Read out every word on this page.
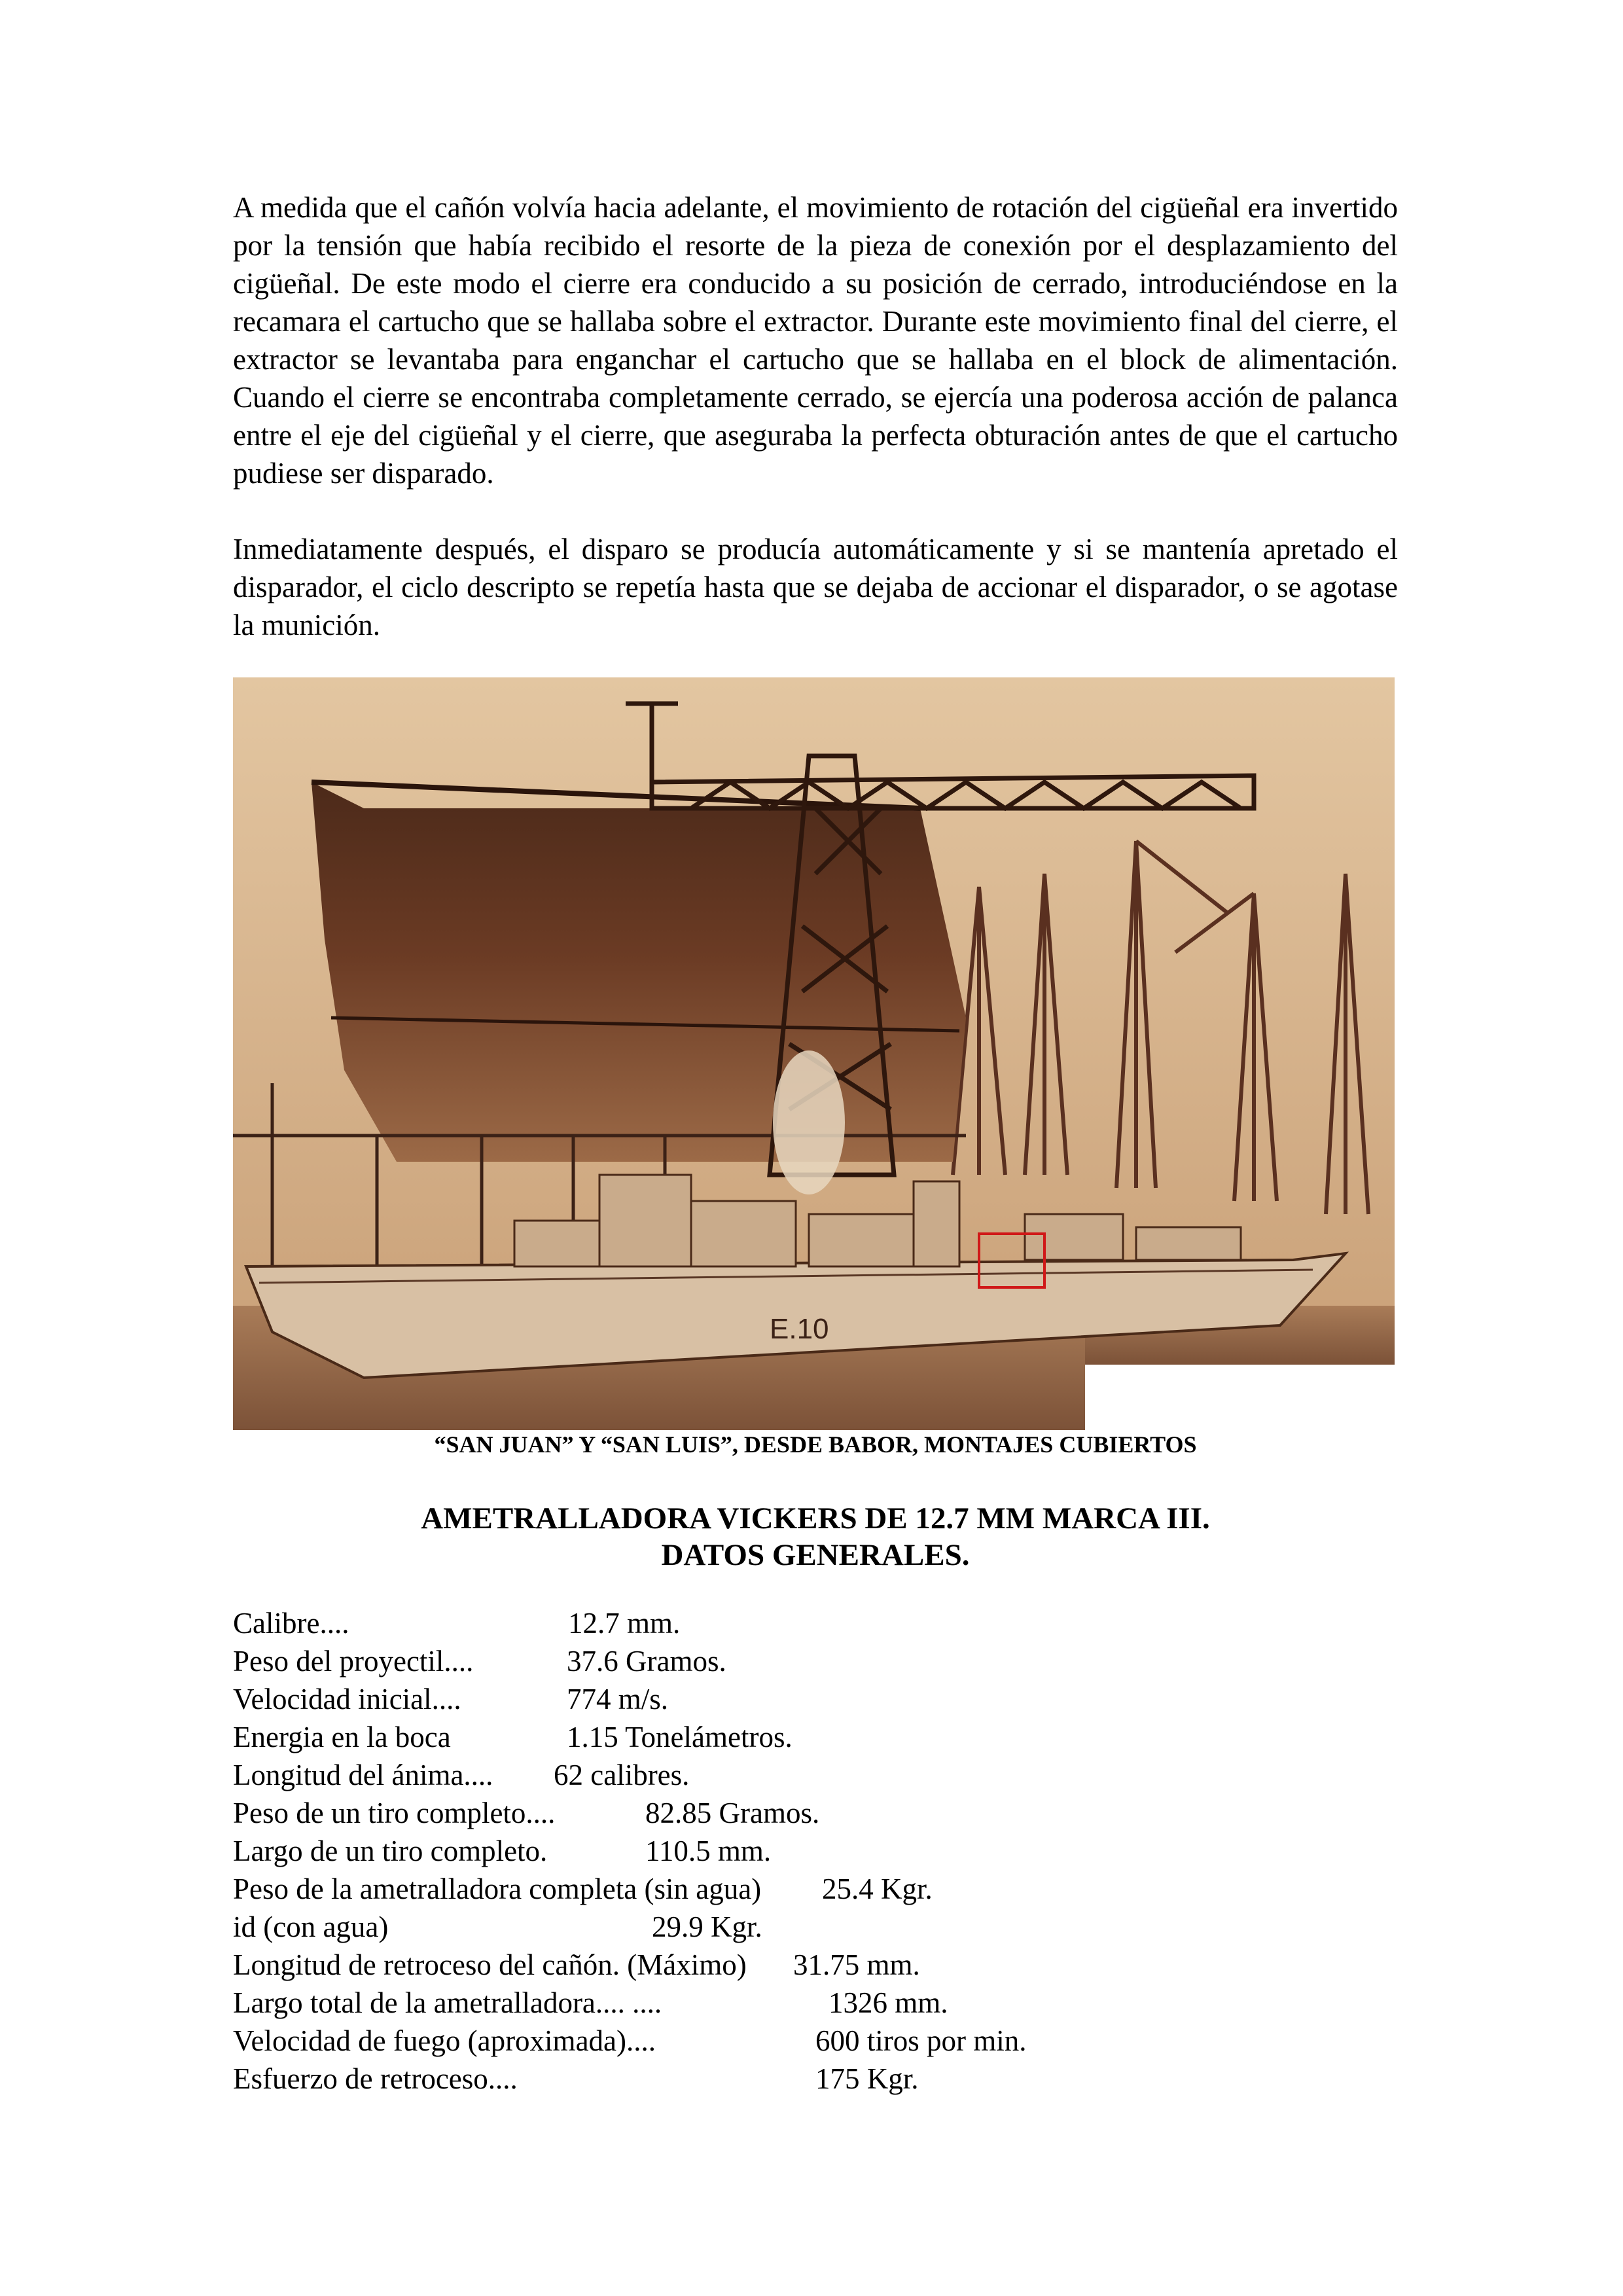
A medida que el cañón volvía hacia adelante, el movimiento de rotación del cigüeñal era invertido por la tensión que había recibido el resorte de la pieza de conexión por el desplazamiento del cigüeñal. De este modo el cierre era conducido a su posición de cerrado, introduciéndose en la recamara el cartucho que se hallaba sobre el extractor. Durante este movimiento final del cierre, el extractor se levantaba para enganchar el cartucho que se hallaba en el block de alimentación. Cuando el cierre se encontraba completamente cerrado, se ejercía una poderosa acción de palanca entre el eje del cigüeñal y el cierre, que aseguraba la perfecta obturación antes de que el cartucho pudiese ser disparado.

Inmediatamente después, el disparo se producía automáticamente y si se mantenía apretado el disparador, el ciclo descripto se repetía hasta que se dejaba de accionar el disparador, o se agotase la munición.

E.10
“SAN JUAN” Y “SAN LUIS”, DESDE BABOR, MONTAJES CUBIERTOS
AMETRALLADORA VICKERS DE 12.7 MM MARCA III.
DATOS GENERALES.
Calibre....	12.7 mm.
Peso del proyectil....	37.6 Gramos.
Velocidad inicial....	774 m/s.
Energia en la boca	1.15 Tonelámetros.
Longitud del ánima.... 62 calibres.
Peso de un tiro completo....	82.85 Gramos.
Largo de un tiro completo.	110.5 mm.
Peso de la ametralladora completa (sin agua) 25.4 Kgr.
id (con agua)	29.9 Kgr.
Longitud de retroceso del cañón. (Máximo) 31.75 mm.
Largo total de la ametralladora.... ....	1326 mm.
Velocidad de fuego (aproximada)....	600 tiros por min.
Esfuerzo de retroceso....	175 Kgr.
